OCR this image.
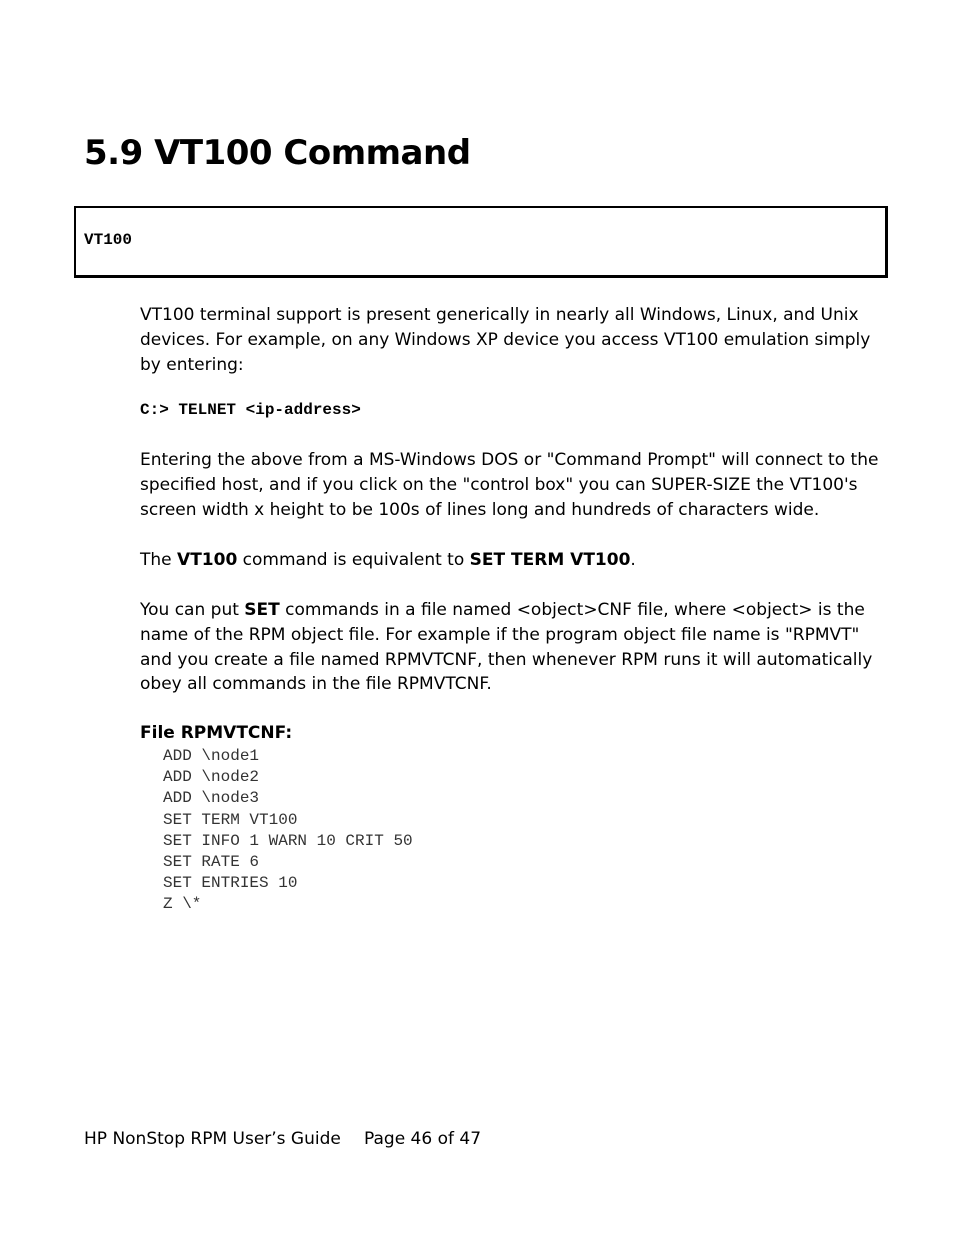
5.9 VT100 Command
VT100

VT100 terminal support is present generically in nearly all Windows, Linux, and Unix devices. For example, on any Windows XP device you access VT100 emulation simply by entering:

C:> TELNET <ip-address>

Entering the above from a MS-Windows DOS or "Command Prompt" will connect to the specified host, and if you click on the "control box" you can SUPER-SIZE the VT100's screen width x height to be 100s of lines long and hundreds of characters wide.

The VT100 command is equivalent to SET TERM VT100.

You can put SET commands in a file named <object>CNF file, where <object> is the name of the RPM object file. For example if the program object file name is "RPMVT" and you create a file named RPMVTCNF, then whenever RPM runs it will automatically obey all commands in the file RPMVTCNF.

File RPMVTCNF:
ADD \node1
ADD \node2
ADD \node3
SET TERM VT100
SET INFO 1 WARN 10 CRIT 50
SET RATE 6
SET ENTRIES 10
Z \*
HP NonStop RPM User’s Guide Page 46 of 47
